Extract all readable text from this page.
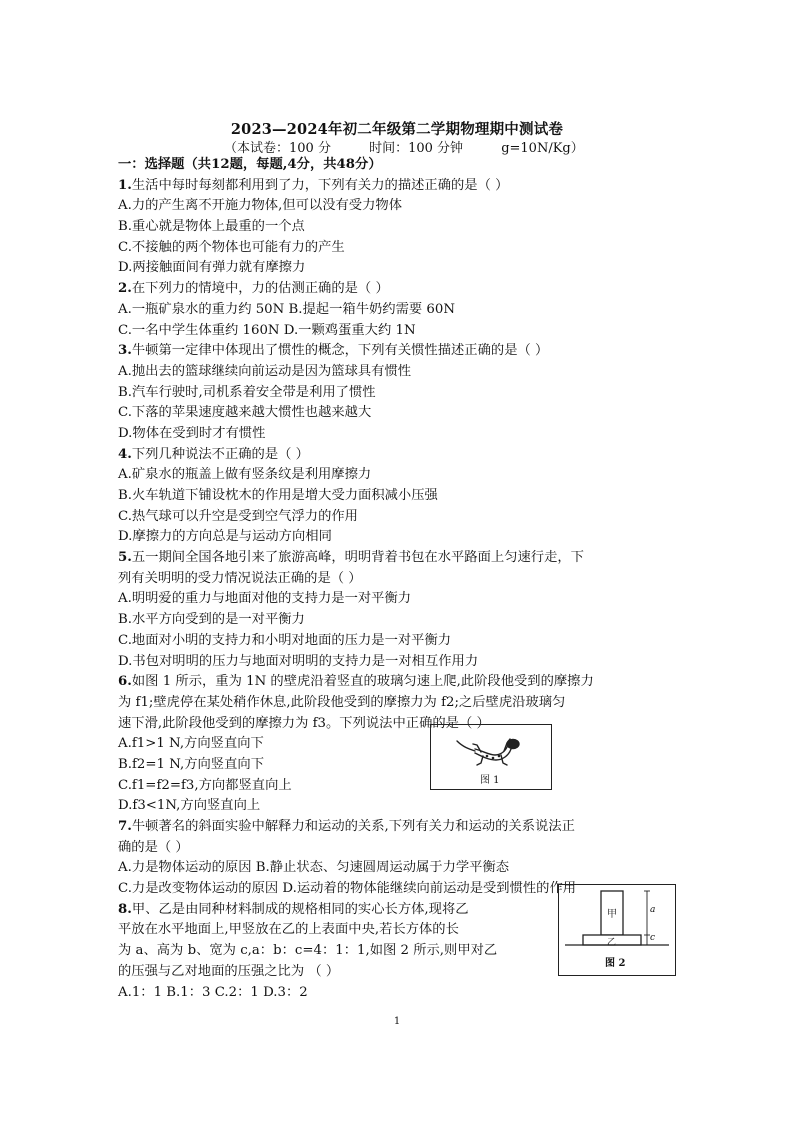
2023—2024年初二年级第二学期物理期中测试卷
（本试卷：100 分	时间：100 分钟	g=10N/Kg）
一：选择题（共12题，每题,4分，共48分）
1.生活中每时每刻都利用到了力，下列有关力的描述正确的是（ ）
A.力的产生离不开施力物体,但可以没有受力物体
B.重心就是物体上最重的一个点
C.不接触的两个物体也可能有力的产生
D.两接触面间有弹力就有摩擦力
2.在下列力的情境中，力的估测正确的是（ ）
A.一瓶矿泉水的重力约 50N B.提起一箱牛奶约需要 60N
C.一名中学生体重约 160N D.一颗鸡蛋重大约 1N
3.牛顿第一定律中体现出了惯性的概念，下列有关惯性描述正确的是（ ）
A.抛出去的篮球继续向前运动是因为篮球具有惯性
B.汽车行驶时,司机系着安全带是利用了惯性
C.下落的苹果速度越来越大惯性也越来越大
D.物体在受到时才有惯性
4.下列几种说法不正确的是（ ）
A.矿泉水的瓶盖上做有竖条纹是利用摩擦力
B.火车轨道下铺设枕木的作用是增大受力面积减小压强
C.热气球可以升空是受到空气浮力的作用
D.摩擦力的方向总是与运动方向相同
5.五一期间全国各地引来了旅游高峰，明明背着书包在水平路面上匀速行走，下
列有关明明的受力情况说法正确的是（ ）
A.明明爱的重力与地面对他的支持力是一对平衡力
B.水平方向受到的是一对平衡力
C.地面对小明的支持力和小明对地面的压力是一对平衡力
D.书包对明明的压力与地面对明明的支持力是一对相互作用力
6.如图 1 所示，重为 1N 的壁虎沿着竖直的玻璃匀速上爬,此阶段他受到的摩擦力
为 f1;壁虎停在某处稍作休息,此阶段他受到的摩擦力为 f2;之后壁虎沿玻璃匀
速下滑,此阶段他受到的摩擦力为 f3。下列说法中正确的是（ ）
A.f1>1 N,方向竖直向下
B.f2=1 N,方向竖直向下
C.f1=f2=f3,方向都竖直向上
D.f3<1N,方向竖直向上
7.牛顿著名的斜面实验中解释力和运动的关系,下列有关力和运动的关系说法正
确的是（ ）
A.力是物体运动的原因 B.静止状态、匀速圆周运动属于力学平衡态
C.力是改变物体运动的原因 D.运动着的物体能继续向前运动是受到惯性的作用
8.甲、乙是由同种材料制成的规格相同的实心长方体,现将乙
平放在水平地面上,甲竖放在乙的上表面中央,若长方体的长
为 a、高为 b、宽为 c,a：b：c=4：1：1,如图 2 所示,则甲对乙
的压强与乙对地面的压强之比为 （ ）
A.1：1 B.1：3 C.2：1 D.3：2
图 1
甲
乙
a
c
图 2
1
